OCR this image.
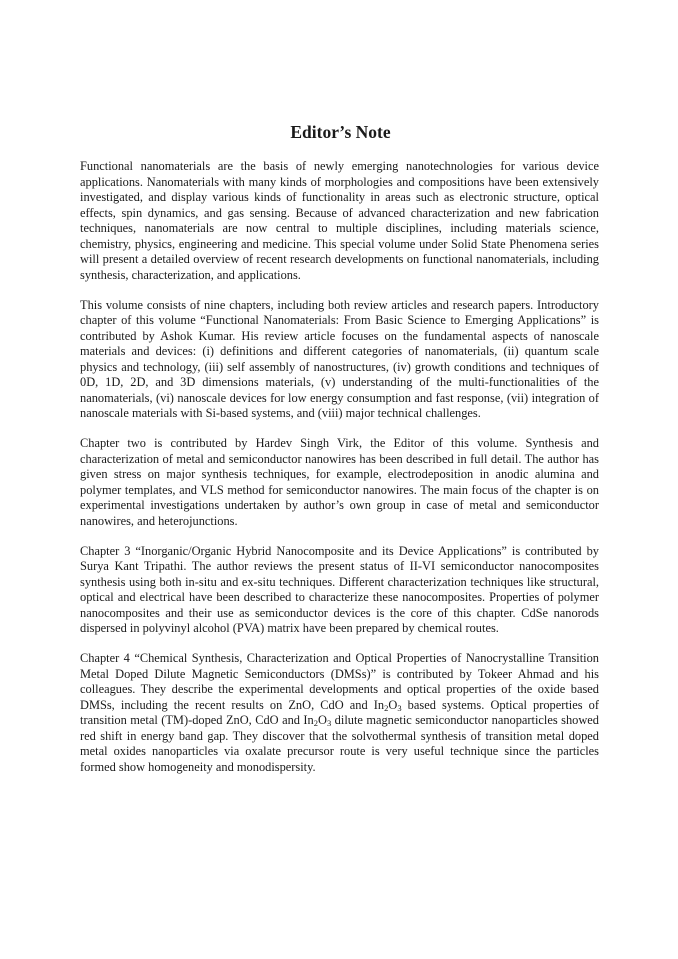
Editor’s Note

Functional nanomaterials are the basis of newly emerging nanotechnologies for various device applications. Nanomaterials with many kinds of morphologies and compositions have been extensively investigated, and display various kinds of functionality in areas such as electronic structure, optical effects, spin dynamics, and gas sensing. Because of advanced characterization and new fabrication techniques, nanomaterials are now central to multiple disciplines, including materials science, chemistry, physics, engineering and medicine. This special volume under Solid State Phenomena series will present a detailed overview of recent research developments on functional nanomaterials, including synthesis, characterization, and applications.

This volume consists of nine chapters, including both review articles and research papers. Introductory chapter of this volume “Functional Nanomaterials: From Basic Science to Emerging Applications” is contributed by Ashok Kumar. His review article focuses on the fundamental aspects of nanoscale materials and devices: (i) definitions and different categories of nanomaterials, (ii) quantum scale physics and technology, (iii) self assembly of nanostructures, (iv) growth conditions and techniques of 0D, 1D, 2D, and 3D dimensions materials, (v) understanding of the multi-functionalities of the nanomaterials, (vi) nanoscale devices for low energy consumption and fast response, (vii) integration of nanoscale materials with Si-based systems, and (viii) major technical challenges.

Chapter two is contributed by Hardev Singh Virk, the Editor of this volume. Synthesis and characterization of metal and semiconductor nanowires has been described in full detail. The author has given stress on major synthesis techniques, for example, electrodeposition in anodic alumina and polymer templates, and VLS method for semiconductor nanowires. The main focus of the chapter is on experimental investigations undertaken by author’s own group in case of metal and semiconductor nanowires, and heterojunctions.

Chapter 3 “Inorganic/Organic Hybrid Nanocomposite and its Device Applications” is contributed by Surya Kant Tripathi. The author reviews the present status of II-VI semiconductor nanocomposites synthesis using both in-situ and ex-situ techniques. Different characterization techniques like structural, optical and electrical have been described to characterize these nanocomposites. Properties of polymer nanocomposites and their use as semiconductor devices is the core of this chapter. CdSe nanorods dispersed in polyvinyl alcohol (PVA) matrix have been prepared by chemical routes.

Chapter 4 “Chemical Synthesis, Characterization and Optical Properties of Nanocrystalline Transition Metal Doped Dilute Magnetic Semiconductors (DMSs)” is contributed by Tokeer Ahmad and his colleagues. They describe the experimental developments and optical properties of the oxide based DMSs, including the recent results on ZnO, CdO and $In_2O_3$ based systems. Optical properties of transition metal (TM)-doped ZnO, CdO and $In_2O_3$ dilute magnetic semiconductor nanoparticles showed red shift in energy band gap. They discover that the solvothermal synthesis of transition metal doped metal oxides nanoparticles via oxalate precursor route is very useful technique since the particles formed show homogeneity and monodispersity.
